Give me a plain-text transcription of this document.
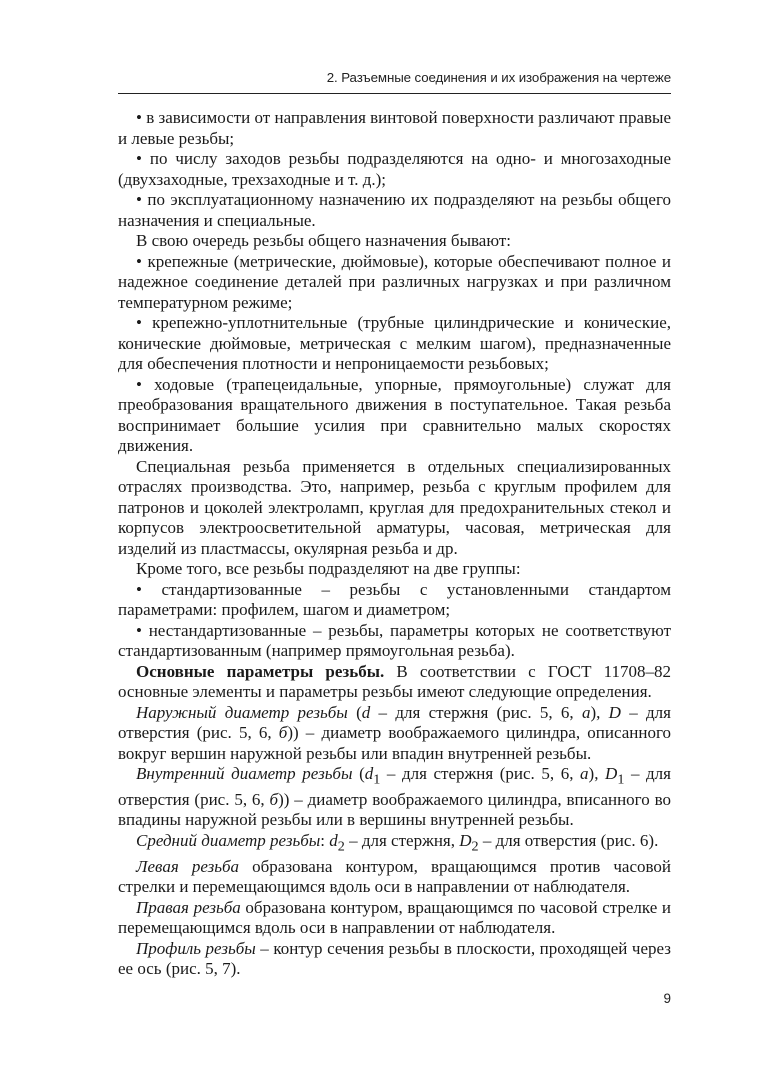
2. Разъемные соединения и их изображения на чертеже

• в зависимости от направления винтовой поверхности различают правые и левые резьбы;

• по числу заходов резьбы подразделяются на одно- и многозаходные (двухзаходные, трехзаходные и т. д.);

• по эксплуатационному назначению их подразделяют на резьбы общего назначения и специальные.

В свою очередь резьбы общего назначения бывают:

• крепежные (метрические, дюймовые), которые обеспечивают полное и надежное соединение деталей при различных нагрузках и при различном температурном режиме;

• крепежно-уплотнительные (трубные цилиндрические и конические, конические дюймовые, метрическая с мелким шагом), предназначенные для обеспечения плотности и непроницаемости резьбовых;

• ходовые (трапецеидальные, упорные, прямоугольные) служат для преобразования вращательного движения в поступательное. Такая резьба воспринимает большие усилия при сравнительно малых скоростях движения.

Специальная резьба применяется в отдельных специализированных отраслях производства. Это, например, резьба с круглым профилем для патронов и цоколей электроламп, круглая для предохранительных стекол и корпусов электроосветительной арматуры, часовая, метрическая для изделий из пластмассы, окулярная резьба и др.

Кроме того, все резьбы подразделяют на две группы:

• стандартизованные – резьбы с установленными стандартом параметрами: профилем, шагом и диаметром;

• нестандартизованные – резьбы, параметры которых не соответствуют стандартизованным (например прямоугольная резьба).

Основные параметры резьбы. В соответствии с ГОСТ 11708–82 основные элементы и параметры резьбы имеют следующие определения.

Наружный диаметр резьбы (d – для стержня (рис. 5, 6, а), D – для отверстия (рис. 5, 6, б)) – диаметр воображаемого цилиндра, описанного вокруг вершин наружной резьбы или впадин внутренней резьбы.

Внутренний диаметр резьбы ($d_1$ – для стержня (рис. 5, 6, а), $D_1$ – для отверстия (рис. 5, 6, б)) – диаметр воображаемого цилиндра, вписанного во впадины наружной резьбы или в вершины внутренней резьбы.

Средний диаметр резьбы: $d_2$ – для стержня, $D_2$ – для отверстия (рис. 6).

Левая резьба образована контуром, вращающимся против часовой стрелки и перемещающимся вдоль оси в направлении от наблюдателя.

Правая резьба образована контуром, вращающимся по часовой стрелке и перемещающимся вдоль оси в направлении от наблюдателя.

Профиль резьбы – контур сечения резьбы в плоскости, проходящей через ее ось (рис. 5, 7).

9
